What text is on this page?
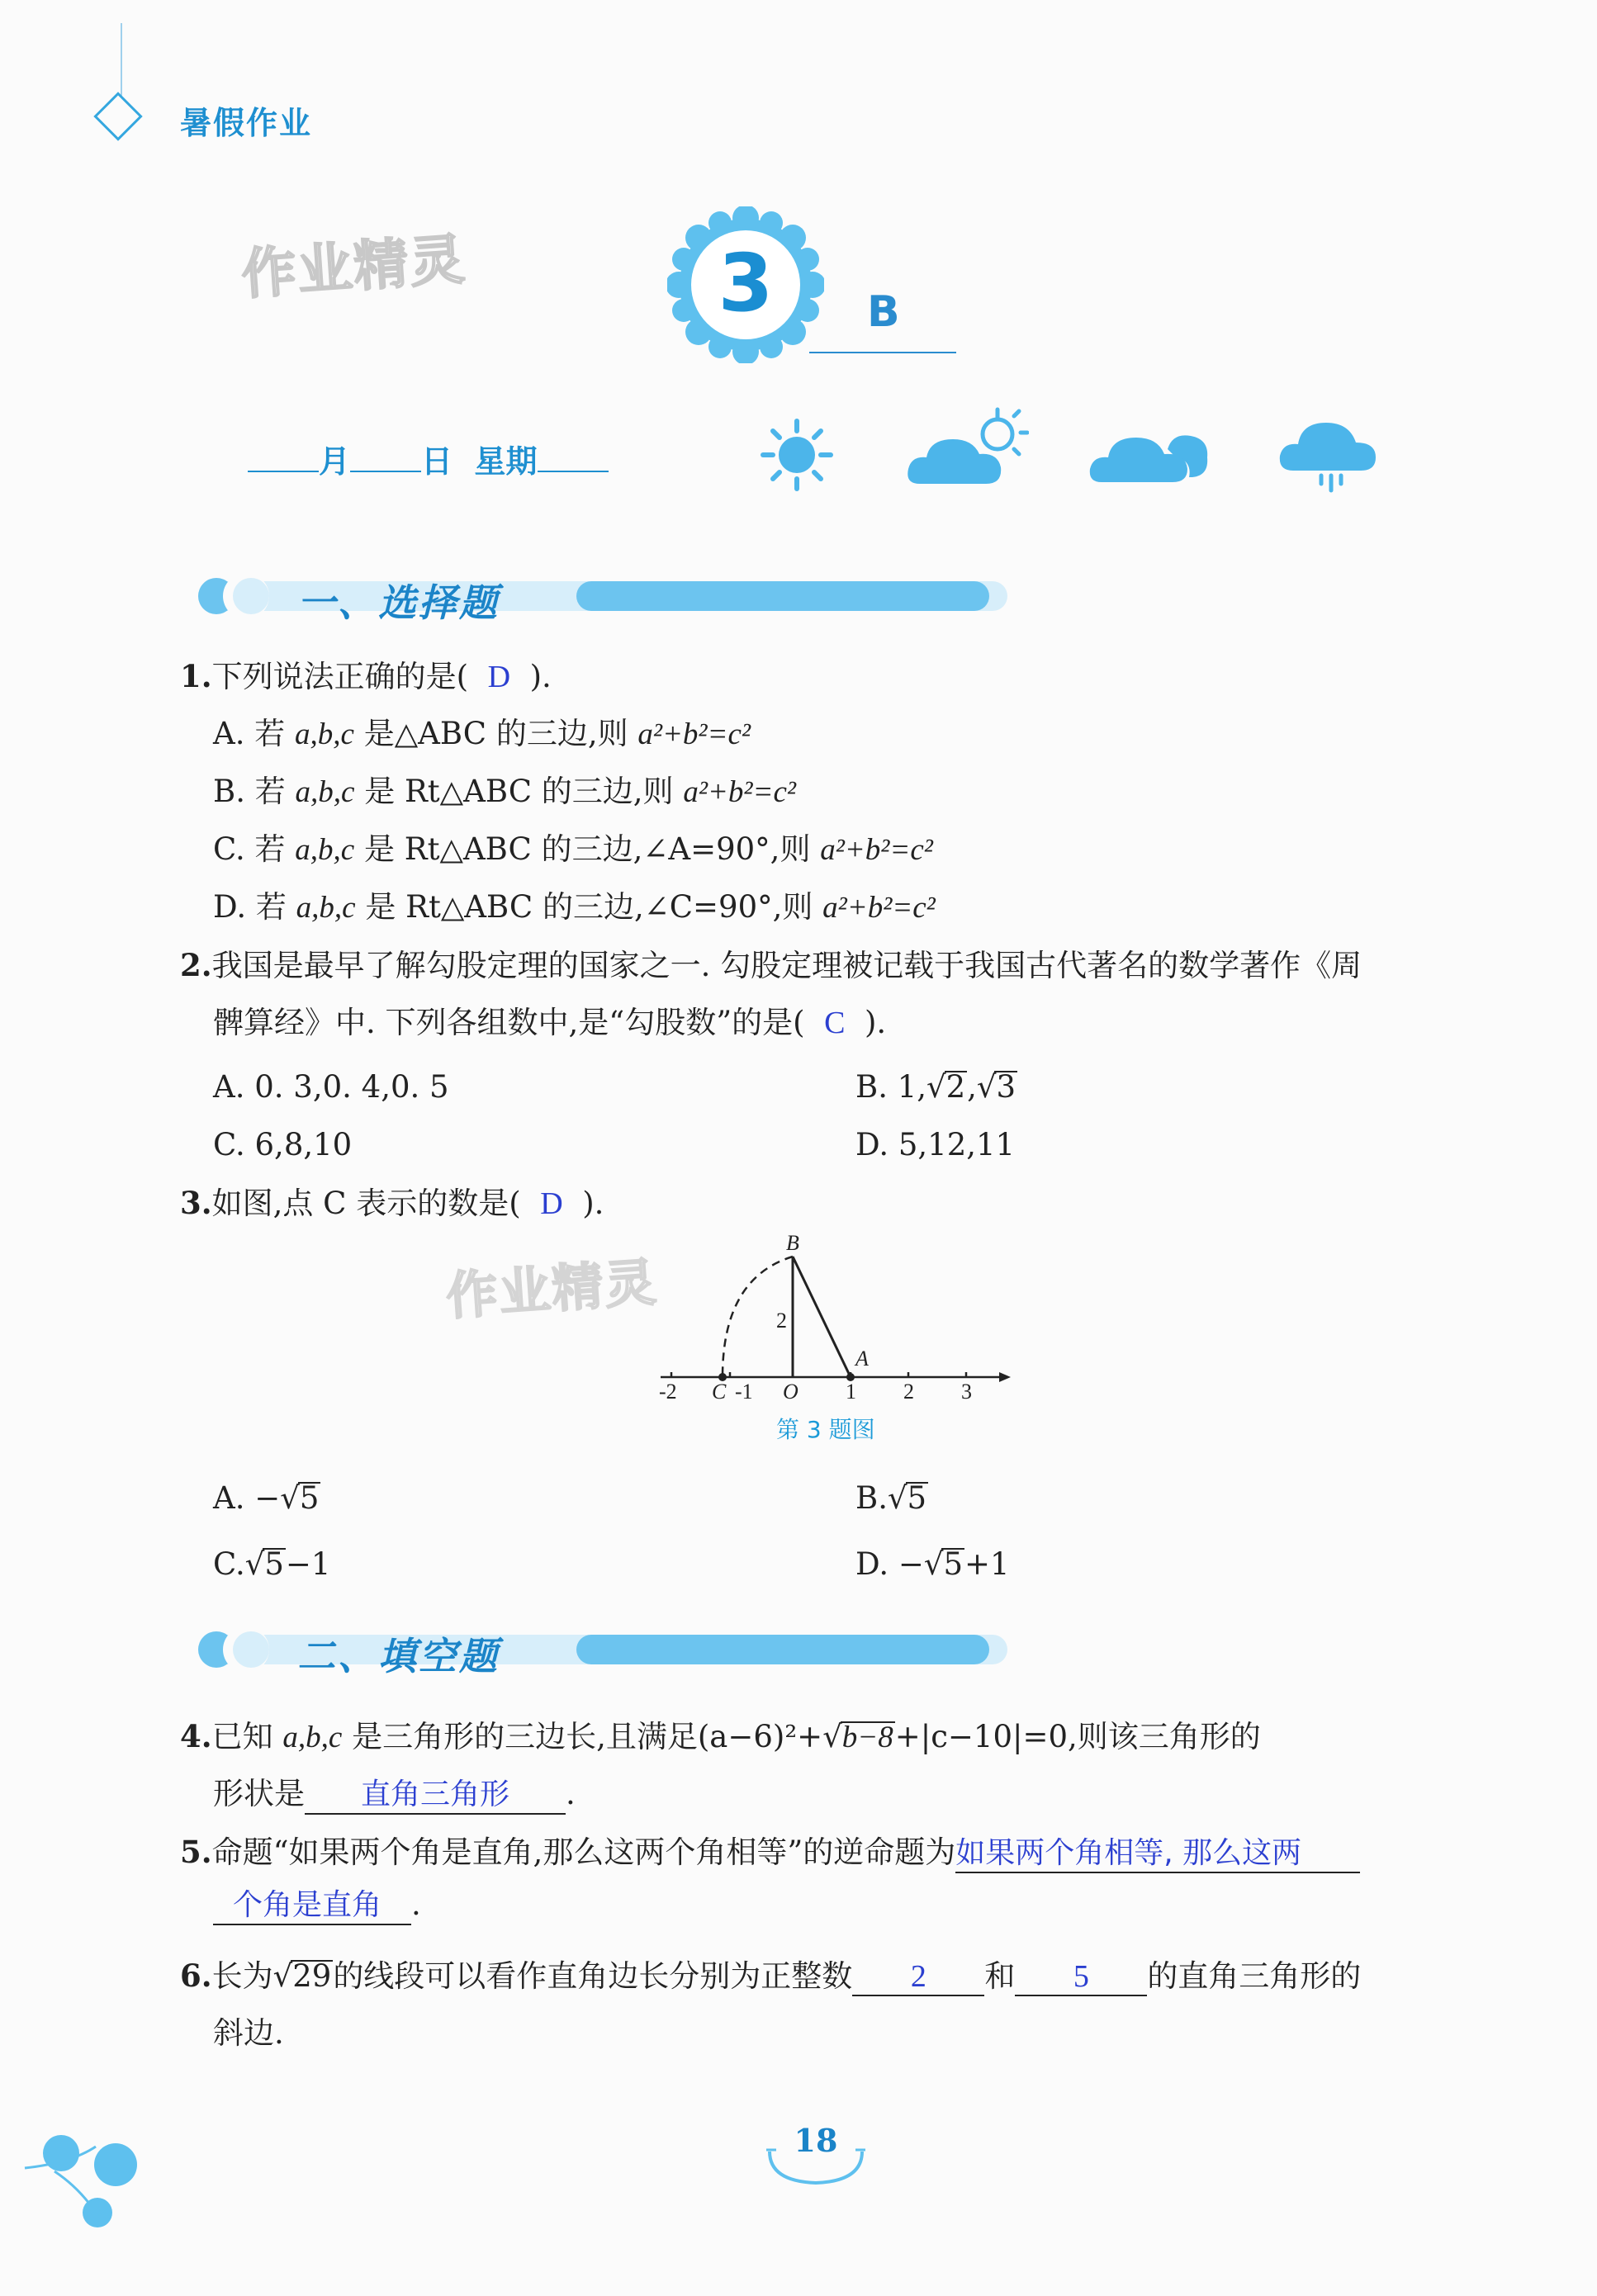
暑假作业
作业精灵	3	B
月 日 星期
一、选择题
1.下列说法正确的是( D ).
A. 若 a,b,c 是△ABC 的三边,则 a²+b²=c²
B. 若 a,b,c 是 Rt△ABC 的三边,则 a²+b²=c²
C. 若 a,b,c 是 Rt△ABC 的三边,∠A=90°,则 a²+b²=c²
D. 若 a,b,c 是 Rt△ABC 的三边,∠C=90°,则 a²+b²=c²
2.我国是最早了解勾股定理的国家之一. 勾股定理被记载于我国古代著名的数学著作《周
髀算经》中. 下列各组数中,是“勾股数”的是( C ).
A. 0. 3,0. 4,0. 5	B. 1,√2,√3
C. 6,8,10	D. 5,12,11
3.如图,点 C 表示的数是( D ).
作业精灵
B
A
O
C
2
-2	-1	1 2 3
第 3 题图
A. −√5	B.√5
C.√5−1	D. −√5+1
二、填空题
4.已知 a,b,c 是三角形的三边长,且满足(a−6)²+√b−8+|c−10|=0,则该三角形的
形状是 直角三角形 .
5.命题“如果两个角是直角,那么这两个角相等”的逆命题为如果两个角相等, 那么这两
个角是直角 .
6.长为√29的线段可以看作直角边长分别为正整数 2 和 5 的直角三角形的
斜边.
18
